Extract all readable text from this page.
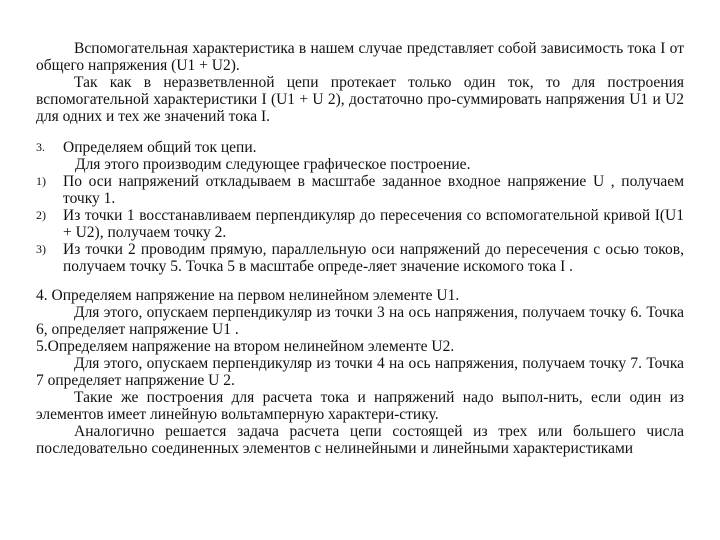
Вспомогательная характеристика в нашем случае представляет собой зависимость тока I от общего напряжения (U1 + U2).

Так как в неразветвленной цепи протекает только один ток, то для построения вспомогательной характеристики I (U1 + U 2), достаточно про-суммировать напряжения U1 и U2 для одних и тех же значений тока I.

3.	Определяем общий ток цепи.

Для этого производим следующее графическое построение.

1)	По оси напряжений откладываем в масштабе заданное входное напряжение U , получаем точку 1.
2)	Из точки 1 восстанавливаем перпендикуляр до пересечения со вспомогательной кривой I(U1 + U2), получаем точку 2.
3)	Из точки 2 проводим прямую, параллельную оси напряжений до пересечения с осью токов, получаем точку 5. Точка 5 в масштабе опреде-ляет значение искомого тока I .

4. Определяем напряжение на первом нелинейном элементе U1.

Для этого, опускаем перпендикуляр из точки 3 на ось напряжения, получаем точку 6. Точка 6, определяет напряжение U1 .

5.Определяем напряжение на втором нелинейном элементе U2.

Для этого, опускаем перпендикуляр из точки 4 на ось напряжения, получаем точку 7. Точка 7 определяет напряжение U 2.

Такие же построения для расчета тока и напряжений надо выпол-нить, если один из элементов имеет линейную вольтамперную характери-стику.

Аналогично решается задача расчета цепи состоящей из трех или большего числа последовательно соединенных элементов с нелинейными и линейными характеристиками
